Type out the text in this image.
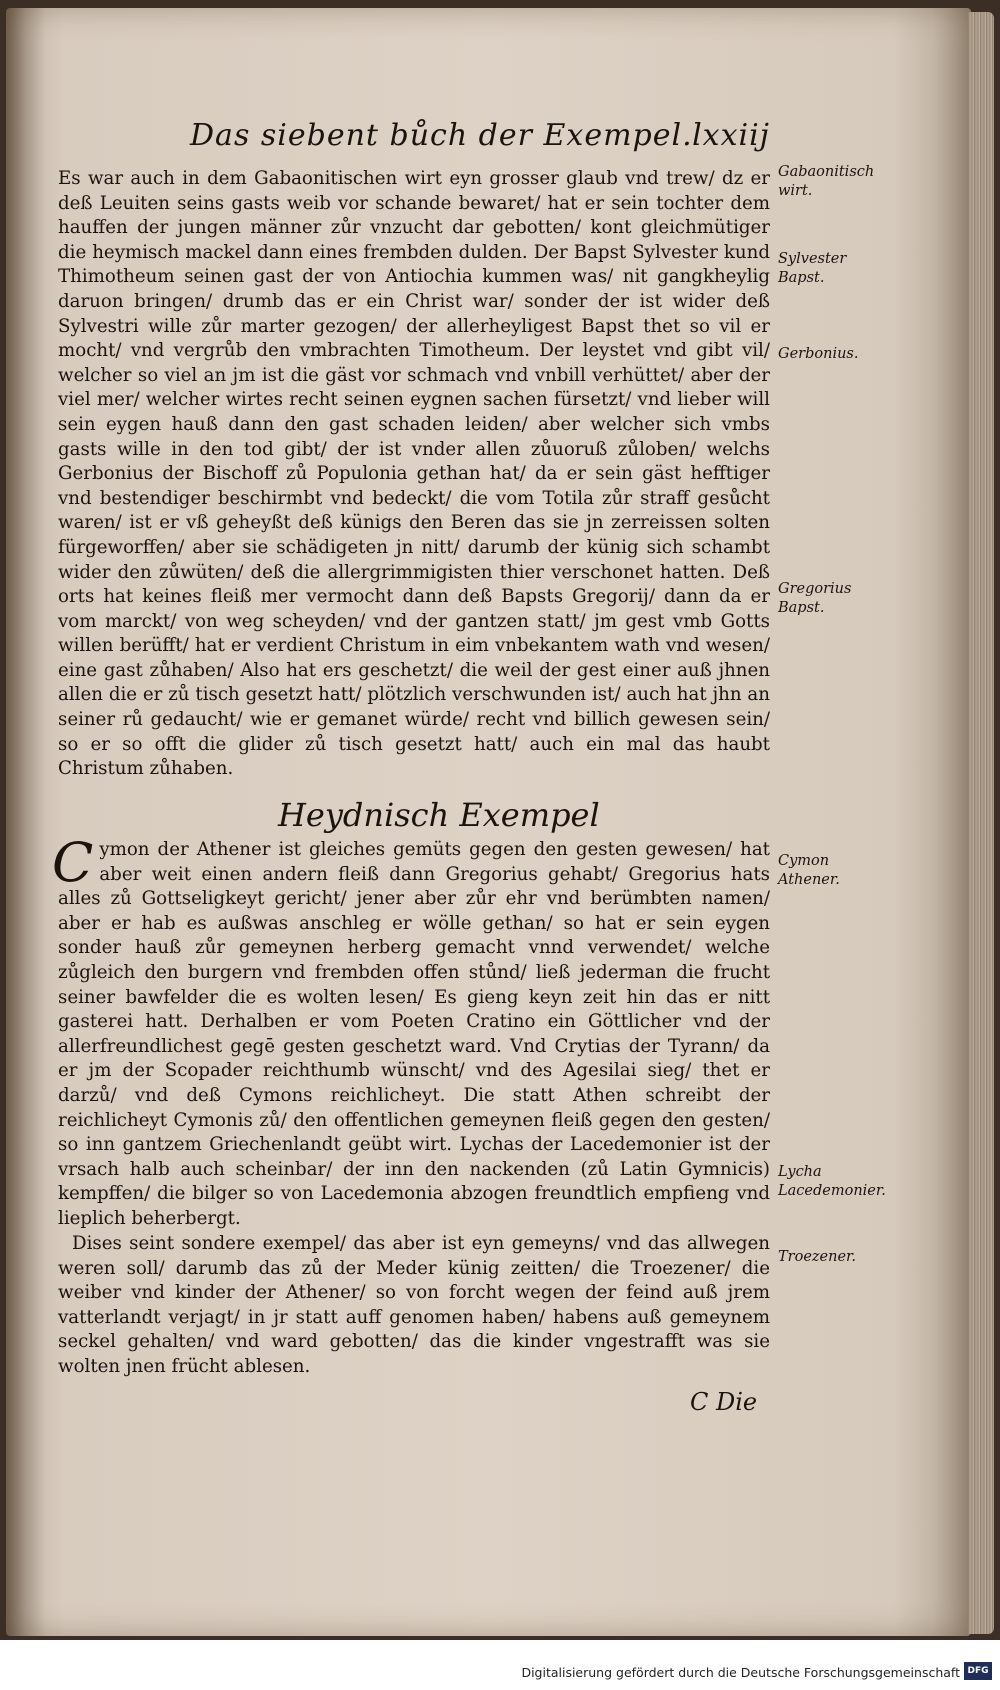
Das siebent bůch der Exempel. lxxiij
Es war auch in dem Gabaonitischen wirt eyn grosser glaub vnd trew/ dz er deß Leuiten seins gasts weib vor schande bewaret/ hat er sein tochter dem hauffen der jungen männer zůr vnzucht dar gebotten/ kont gleichmütiger die heymisch mackel dann eines frembden dulden. Der Bapst Sylvester kund Thimotheum seinen gast der von Antiochia kummen was/ nit gangkheylig daruon bringen/ drumb das er ein Christ war/ sonder der ist wider deß Sylvestri wille zůr marter gezogen/ der allerheyligest Bapst thet so vil er mocht/ vnd vergrůb den vmbrachten Timotheum. Der leystet vnd gibt vil/ welcher so viel an jm ist die gäst vor schmach vnd vnbill verhüttet/ aber der viel mer/ welcher wirtes recht seinen eygnen sachen fürsetzt/ vnd lieber will sein eygen hauß dann den gast schaden leiden/ aber welcher sich vmbs gasts wille in den tod gibt/ der ist vnder allen zůuoruß zůloben/ welchs Gerbonius der Bischoff zů Populonia gethan hat/ da er sein gäst hefftiger vnd bestendiger beschirmbt vnd bedeckt/ die vom Totila zůr straff gesůcht waren/ ist er vß geheyßt deß künigs den Beren das sie jn zerreissen solten fürgeworffen/ aber sie schädigeten jn nitt/ darumb der künig sich schambt wider den zůwüten/ deß die allergrimmigisten thier verschonet hatten. Deß orts hat keines fleiß mer vermocht dann deß Bapsts Gregorij/ dann da er vom marckt/ von weg scheyden/ vnd der gantzen statt/ jm gest vmb Gotts willen berüfft/ hat er verdient Christum in eim vnbekantem wath vnd wesen/ eine gast zůhaben/ Also hat ers geschetzt/ die weil der gest einer auß jhnen allen die er zů tisch gesetzt hatt/ plötzlich verschwunden ist/ auch hat jhn an seiner rů gedaucht/ wie er gemanet würde/ recht vnd billich gewesen sein/ so er so offt die glider zů tisch gesetzt hatt/ auch ein mal das haubt Christum zůhaben.
Heydnisch Exempel
C ymon der Athener ist gleiches gemüts gegen den gesten gewesen/ hat aber weit einen andern fleiß dann Gregorius gehabt/ Gregorius hats alles zů Gottseligkeyt gericht/ jener aber zůr ehr vnd berümbten namen/ aber er hab es außwas anschleg er wölle gethan/ so hat er sein eygen sonder hauß zůr gemeynen herberg gemacht vnnd verwendet/ welche zůgleich den burgern vnd frembden offen stůnd/ ließ jederman die frucht seiner bawfelder die es wolten lesen/ Es gieng keyn zeit hin das er nitt gasterei hatt. Derhalben er vom Poeten Cratino ein Göttlicher vnd der allerfreundlichest gegē gesten geschetzt ward. Vnd Crytias der Tyrann/ da er jm der Scopader reichthumb wünscht/ vnd des Agesilai sieg/ thet er darzů/ vnd deß Cymons reichlicheyt. Die statt Athen schreibt der reichlicheyt Cymonis zů/ den offentlichen gemeynen fleiß gegen den gesten/ so inn gantzem Griechenlandt geübt wirt. Lychas der Lacedemonier ist der vrsach halb auch scheinbar/ der inn den nackenden (zů Latin Gymnicis) kempffen/ die bilger so von Lacedemonia abzogen freundtlich empfieng vnd lieplich beherbergt.
Dises seint sondere exempel/ das aber ist eyn gemeyns/ vnd das allwegen weren soll/ darumb das zů der Meder künig zeitten/ die Troezener/ die weiber vnd kinder der Athener/ so von forcht wegen der feind auß jrem vatterlandt verjagt/ in jr statt auff genomen haben/ habens auß gemeynem seckel gehalten/ vnd ward gebotten/ das die kinder vngestrafft was sie wolten jnen frücht ablesen.
Gabaonitisch wirt.
Sylvester Bapst.
Gerbonius.
Gregorius Bapst.
Cymon Athener.
Lycha Lacedemonier.
Troezener.
C Die
Digitalisierung gefördert durch die Deutsche Forschungsgemeinschaft DFG
